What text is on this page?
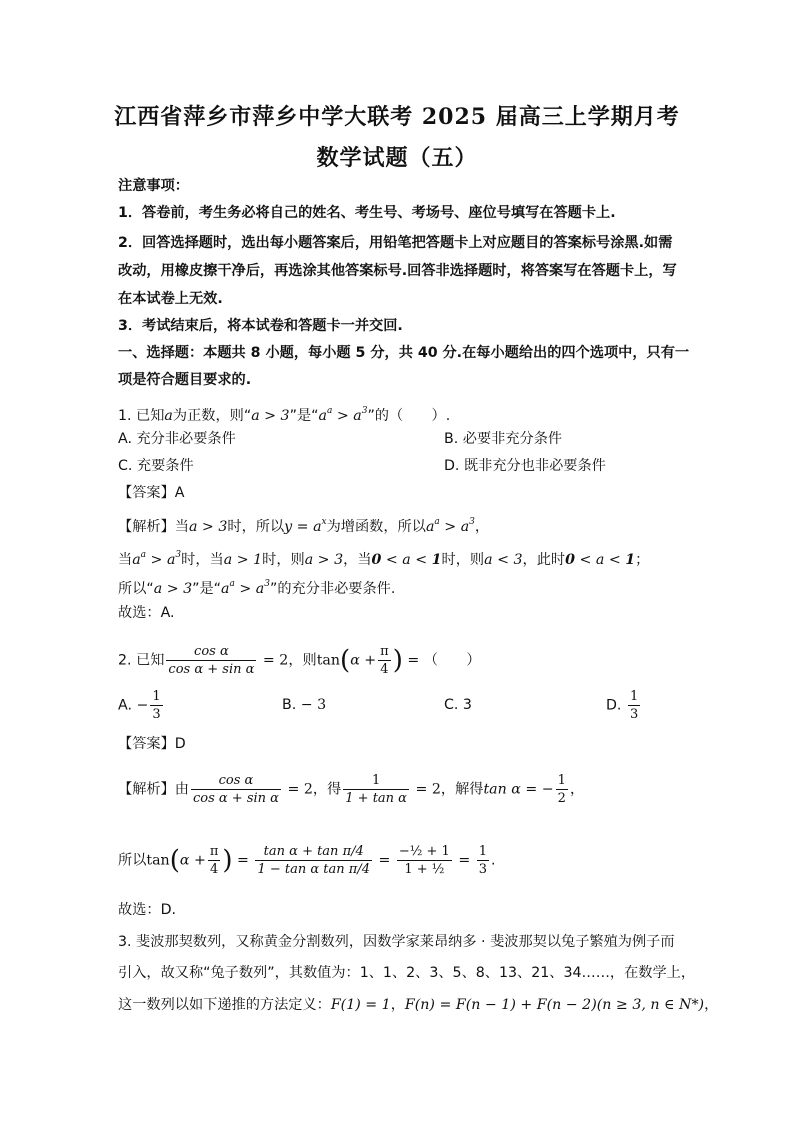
江西省萍乡市萍乡中学大联考 2025 届高三上学期月考
数学试题（五）
注意事项：
1．答卷前，考生务必将自己的姓名、考生号、考场号、座位号填写在答题卡上.
2．回答选择题时，选出每小题答案后，用铅笔把答题卡上对应题目的答案标号涂黑.如需
改动，用橡皮擦干净后，再选涂其他答案标号.回答非选择题时，将答案写在答题卡上，写
在本试卷上无效.
3．考试结束后，将本试卷和答题卡一并交回.
一、选择题：本题共 8 小题，每小题 5 分，共 40 分.在每小题给出的四个选项中，只有一
项是符合题目要求的.
1. 已知a为正数，则“a > 3”是“$a^a > a^3$”的（　　）.
A. 充分非必要条件	B. 必要非充分条件
C. 充要条件	D. 既非充分也非必要条件
【答案】A
【解析】当a > 3时，所以$y = a^x$为增函数，所以$a^a > a^3$，
当$a^a > a^3$时，当a > 1时，则a > 3，当0 < a < 1时，则a < 3，此时0 < a < 1；
所以“a > 3”是“$a^a > a^3$”的充分非必要条件.
故选：A.
2. 已知 $\frac{\text{cos α}}{\text{cos α + sin α}} = 2$，则$\tan(\alpha + \frac{\pi}{4}$ ) = （　　）
A. − $\frac{1}{3}$	B. − 3	C. 3	D. $\frac{1}{3}$
【答案】D
【解析】由 $\frac{\text{cos α}}{\text{cos α + sin α}} = 2$，得 $\frac{1}{\text{1 + tan α}} = 2$，解得tan α = − $\frac{1}{2}$ ，
所以$\tan(\alpha + \frac{\pi}{4}$ ) = $\frac{\text{tan α + tan π/4}}{\text{1 − tan α tan π/4}} = \frac{\text{−½ + 1}}{\text{1 + ½}} = \frac{1}{3}$ .
故选：D.
3. 斐波那契数列，又称黄金分割数列，因数学家莱昂纳多 · 斐波那契以兔子繁殖为例子而
引入，故又称“兔子数列”，其数值为：1、1、2、3、5、8、13、21、34……，在数学上，
这一数列以如下递推的方法定义：F(1) = 1，F(n) = F(n − 1) + F(n − 2)(n ≥ 3, n ∈ N*)，
